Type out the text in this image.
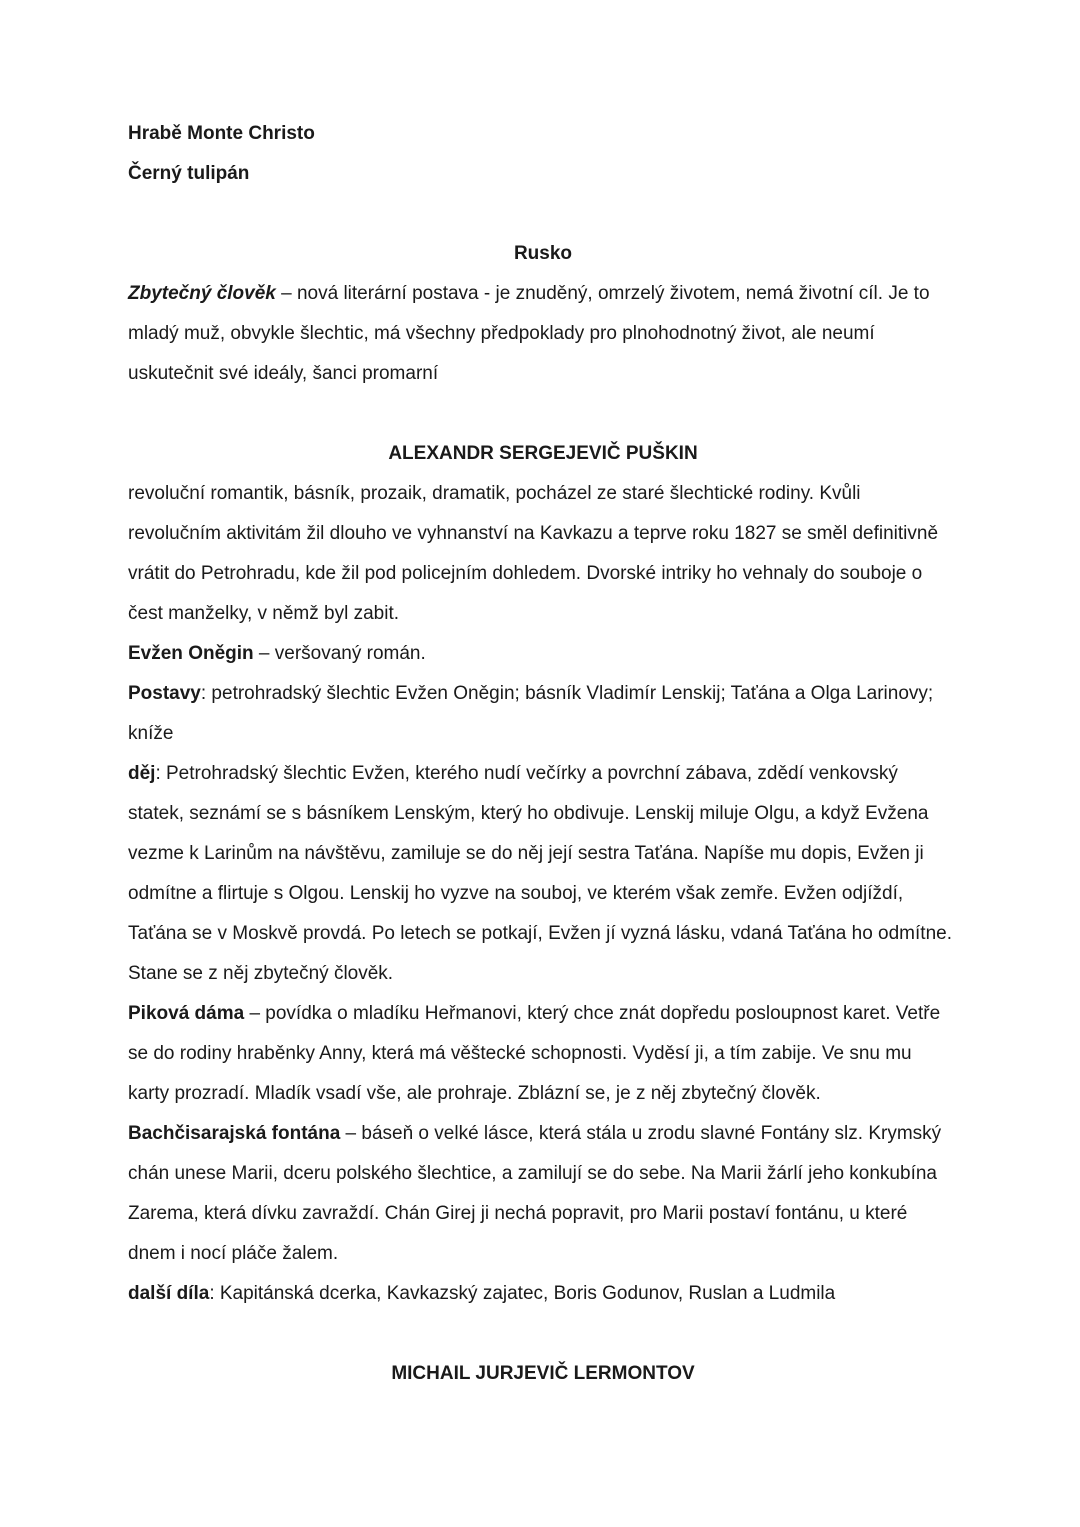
Hrabě Monte Christo

Černý tulipán

Rusko

Zbytečný člověk – nová literární postava - je znuděný, omrzelý životem, nemá životní cíl. Je to mladý muž, obvykle šlechtic, má všechny předpoklady pro plnohodnotný život, ale neumí uskutečnit své ideály, šanci promarní

ALEXANDR SERGEJEVIČ PUŠKIN

revoluční romantik, básník, prozaik, dramatik, pocházel ze staré šlechtické rodiny. Kvůli revolučním aktivitám žil dlouho ve vyhnanství na Kavkazu a teprve roku 1827 se směl definitivně vrátit do Petrohradu, kde žil pod policejním dohledem. Dvorské intriky ho vehnaly do souboje o čest manželky, v němž byl zabit.

Evžen Oněgin – veršovaný román.

Postavy: petrohradský šlechtic Evžen Oněgin; básník Vladimír Lenskij; Taťána a Olga Larinovy; kníže

děj: Petrohradský šlechtic Evžen, kterého nudí večírky a povrchní zábava, zdědí venkovský statek, seznámí se s básníkem Lenským, který ho obdivuje. Lenskij miluje Olgu, a když Evžena vezme k Larinům na návštěvu, zamiluje se do něj její sestra Taťána. Napíše mu dopis, Evžen ji odmítne a flirtuje s Olgou. Lenskij ho vyzve na souboj, ve kterém však zemře. Evžen odjíždí, Taťána se v Moskvě provdá. Po letech se potkají, Evžen jí vyzná lásku, vdaná Taťána ho odmítne. Stane se z něj zbytečný člověk.

Piková dáma – povídka o mladíku Heřmanovi, který chce znát dopředu posloupnost karet. Vetře se do rodiny hraběnky Anny, která má věštecké schopnosti. Vyděsí ji, a tím zabije. Ve snu mu karty prozradí. Mladík vsadí vše, ale prohraje. Zblázní se, je z něj zbytečný člověk.

Bachčisarajská fontána – báseň o velké lásce, která stála u zrodu slavné Fontány slz. Krymský chán unese Marii, dceru polského šlechtice, a zamilují se do sebe. Na Marii žárlí jeho konkubína Zarema, která dívku zavraždí. Chán Girej ji nechá popravit, pro Marii postaví fontánu, u které dnem i nocí pláče žalem.

další díla: Kapitánská dcerka, Kavkazský zajatec, Boris Godunov, Ruslan a Ludmila

MICHAIL JURJEVIČ LERMONTOV
